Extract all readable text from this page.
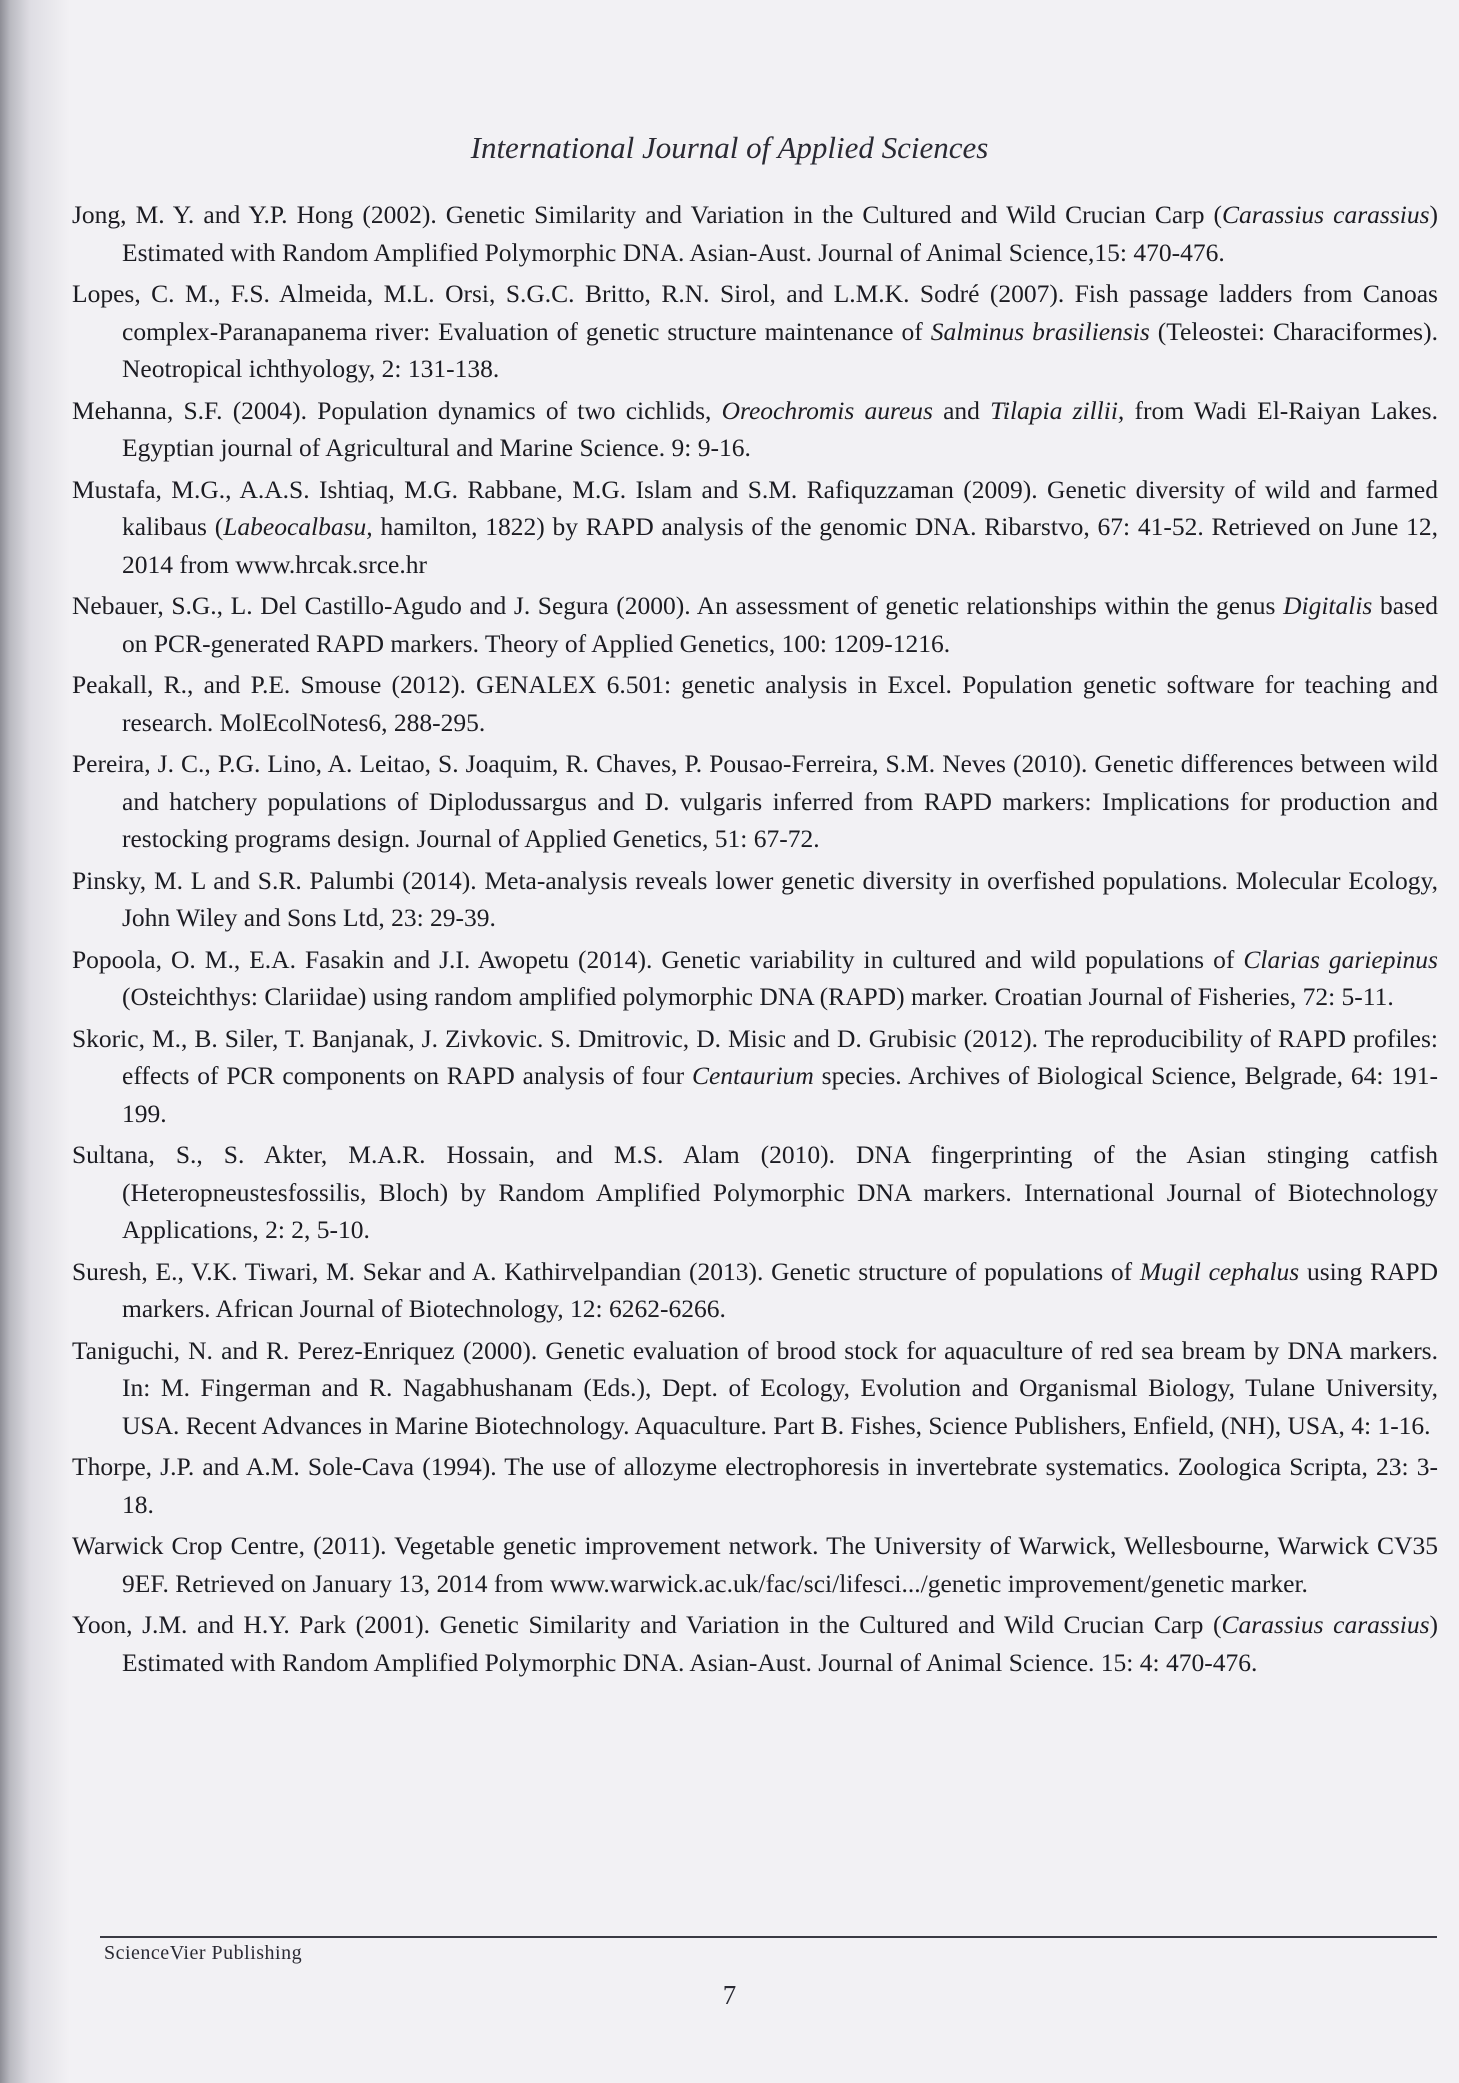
International Journal of Applied Sciences

Jong, M. Y. and Y.P. Hong (2002). Genetic Similarity and Variation in the Cultured and Wild Crucian Carp (Carassius carassius) Estimated with Random Amplified Polymorphic DNA. Asian-Aust. Journal of Animal Science,15: 470-476.

Lopes, C. M., F.S. Almeida, M.L. Orsi, S.G.C. Britto, R.N. Sirol, and L.M.K. Sodré (2007). Fish passage ladders from Canoas complex-Paranapanema river: Evaluation of genetic structure maintenance of Salminus brasiliensis (Teleostei: Characiformes). Neotropical ichthyology, 2: 131-138.

Mehanna, S.F. (2004). Population dynamics of two cichlids, Oreochromis aureus and Tilapia zillii, from Wadi El-Raiyan Lakes. Egyptian journal of Agricultural and Marine Science. 9: 9-16.

Mustafa, M.G., A.A.S. Ishtiaq, M.G. Rabbane, M.G. Islam and S.M. Rafiquzzaman (2009). Genetic diversity of wild and farmed kalibaus (Labeocalbasu, hamilton, 1822) by RAPD analysis of the genomic DNA. Ribarstvo, 67: 41-52. Retrieved on June 12, 2014 from www.hrcak.srce.hr

Nebauer, S.G., L. Del Castillo-Agudo and J. Segura (2000). An assessment of genetic relationships within the genus Digitalis based on PCR-generated RAPD markers. Theory of Applied Genetics, 100: 1209-1216.

Peakall, R., and P.E. Smouse (2012). GENALEX 6.501: genetic analysis in Excel. Population genetic software for teaching and research. MolEcolNotes6, 288-295.

Pereira, J. C., P.G. Lino, A. Leitao, S. Joaquim, R. Chaves, P. Pousao-Ferreira, S.M. Neves (2010). Genetic differences between wild and hatchery populations of Diplodussargus and D. vulgaris inferred from RAPD markers: Implications for production and restocking programs design. Journal of Applied Genetics, 51: 67-72.

Pinsky, M. L and S.R. Palumbi (2014). Meta-analysis reveals lower genetic diversity in overfished populations. Molecular Ecology, John Wiley and Sons Ltd, 23: 29-39.

Popoola, O. M., E.A. Fasakin and J.I. Awopetu (2014). Genetic variability in cultured and wild populations of Clarias gariepinus (Osteichthys: Clariidae) using random amplified polymorphic DNA (RAPD) marker. Croatian Journal of Fisheries, 72: 5-11.

Skoric, M., B. Siler, T. Banjanak, J. Zivkovic. S. Dmitrovic, D. Misic and D. Grubisic (2012). The reproducibility of RAPD profiles: effects of PCR components on RAPD analysis of four Centaurium species. Archives of Biological Science, Belgrade, 64: 191-199.

Sultana, S., S. Akter, M.A.R. Hossain, and M.S. Alam (2010). DNA fingerprinting of the Asian stinging catfish (Heteropneustesfossilis, Bloch) by Random Amplified Polymorphic DNA markers. International Journal of Biotechnology Applications, 2: 2, 5-10.

Suresh, E., V.K. Tiwari, M. Sekar and A. Kathirvelpandian (2013). Genetic structure of populations of Mugil cephalus using RAPD markers. African Journal of Biotechnology, 12: 6262-6266.

Taniguchi, N. and R. Perez-Enriquez (2000). Genetic evaluation of brood stock for aquaculture of red sea bream by DNA markers. In: M. Fingerman and R. Nagabhushanam (Eds.), Dept. of Ecology, Evolution and Organismal Biology, Tulane University, USA. Recent Advances in Marine Biotechnology. Aquaculture. Part B. Fishes, Science Publishers, Enfield, (NH), USA, 4: 1-16.

Thorpe, J.P. and A.M. Sole-Cava (1994). The use of allozyme electrophoresis in invertebrate systematics. Zoologica Scripta, 23: 3-18.

Warwick Crop Centre, (2011). Vegetable genetic improvement network. The University of Warwick, Wellesbourne, Warwick CV35 9EF. Retrieved on January 13, 2014 from www.warwick.ac.uk/fac/sci/lifesci.../genetic improvement/genetic marker.

Yoon, J.M. and H.Y. Park (2001). Genetic Similarity and Variation in the Cultured and Wild Crucian Carp (Carassius carassius) Estimated with Random Amplified Polymorphic DNA. Asian-Aust. Journal of Animal Science. 15: 4: 470-476.

ScienceVier Publishing
7
